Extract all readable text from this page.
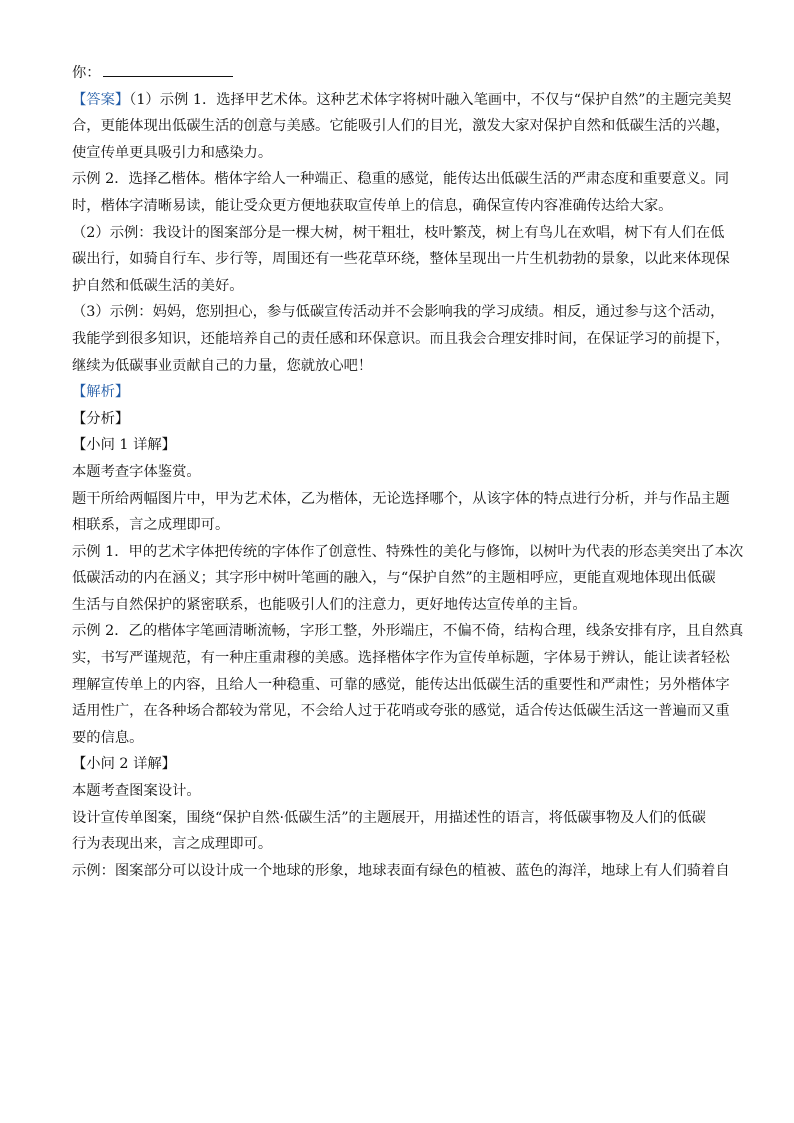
你：

【答案】（1）示例 1．选择甲艺术体。这种艺术体字将树叶融入笔画中，不仅与“保护自然”的主题完美契

合，更能体现出低碳生活的创意与美感。它能吸引人们的目光，激发大家对保护自然和低碳生活的兴趣，

使宣传单更具吸引力和感染力。

示例 2．选择乙楷体。楷体字给人一种端正、稳重的感觉，能传达出低碳生活的严肃态度和重要意义。同

时，楷体字清晰易读，能让受众更方便地获取宣传单上的信息，确保宣传内容准确传达给大家。

（2）示例：我设计的图案部分是一棵大树，树干粗壮，枝叶繁茂，树上有鸟儿在欢唱，树下有人们在低

碳出行，如骑自行车、步行等，周围还有一些花草环绕，整体呈现出一片生机勃勃的景象，以此来体现保

护自然和低碳生活的美好。

（3）示例：妈妈，您别担心，参与低碳宣传活动并不会影响我的学习成绩。相反，通过参与这个活动，

我能学到很多知识，还能培养自己的责任感和环保意识。而且我会合理安排时间，在保证学习的前提下，

继续为低碳事业贡献自己的力量，您就放心吧！

【解析】

【分析】

【小问 1 详解】

本题考查字体鉴赏。

题干所给两幅图片中，甲为艺术体，乙为楷体，无论选择哪个，从该字体的特点进行分析，并与作品主题

相联系，言之成理即可。

示例 1．甲的艺术字体把传统的字体作了创意性、特殊性的美化与修饰，以树叶为代表的形态美突出了本次

低碳活动的内在涵义；其字形中树叶笔画的融入，与“保护自然”的主题相呼应，更能直观地体现出低碳

生活与自然保护的紧密联系，也能吸引人们的注意力，更好地传达宣传单的主旨。

示例 2．乙的楷体字笔画清晰流畅，字形工整，外形端庄，不偏不倚，结构合理，线条安排有序，且自然真

实，书写严谨规范，有一种庄重肃穆的美感。选择楷体字作为宣传单标题，字体易于辨认，能让读者轻松

理解宣传单上的内容，且给人一种稳重、可靠的感觉，能传达出低碳生活的重要性和严肃性；另外楷体字

适用性广，在各种场合都较为常见，不会给人过于花哨或夸张的感觉，适合传达低碳生活这一普遍而又重

要的信息。

【小问 2 详解】

本题考查图案设计。

设计宣传单图案，围绕“保护自然·低碳生活”的主题展开，用描述性的语言，将低碳事物及人们的低碳

行为表现出来，言之成理即可。

示例：图案部分可以设计成一个地球的形象，地球表面有绿色的植被、蓝色的海洋，地球上有人们骑着自
